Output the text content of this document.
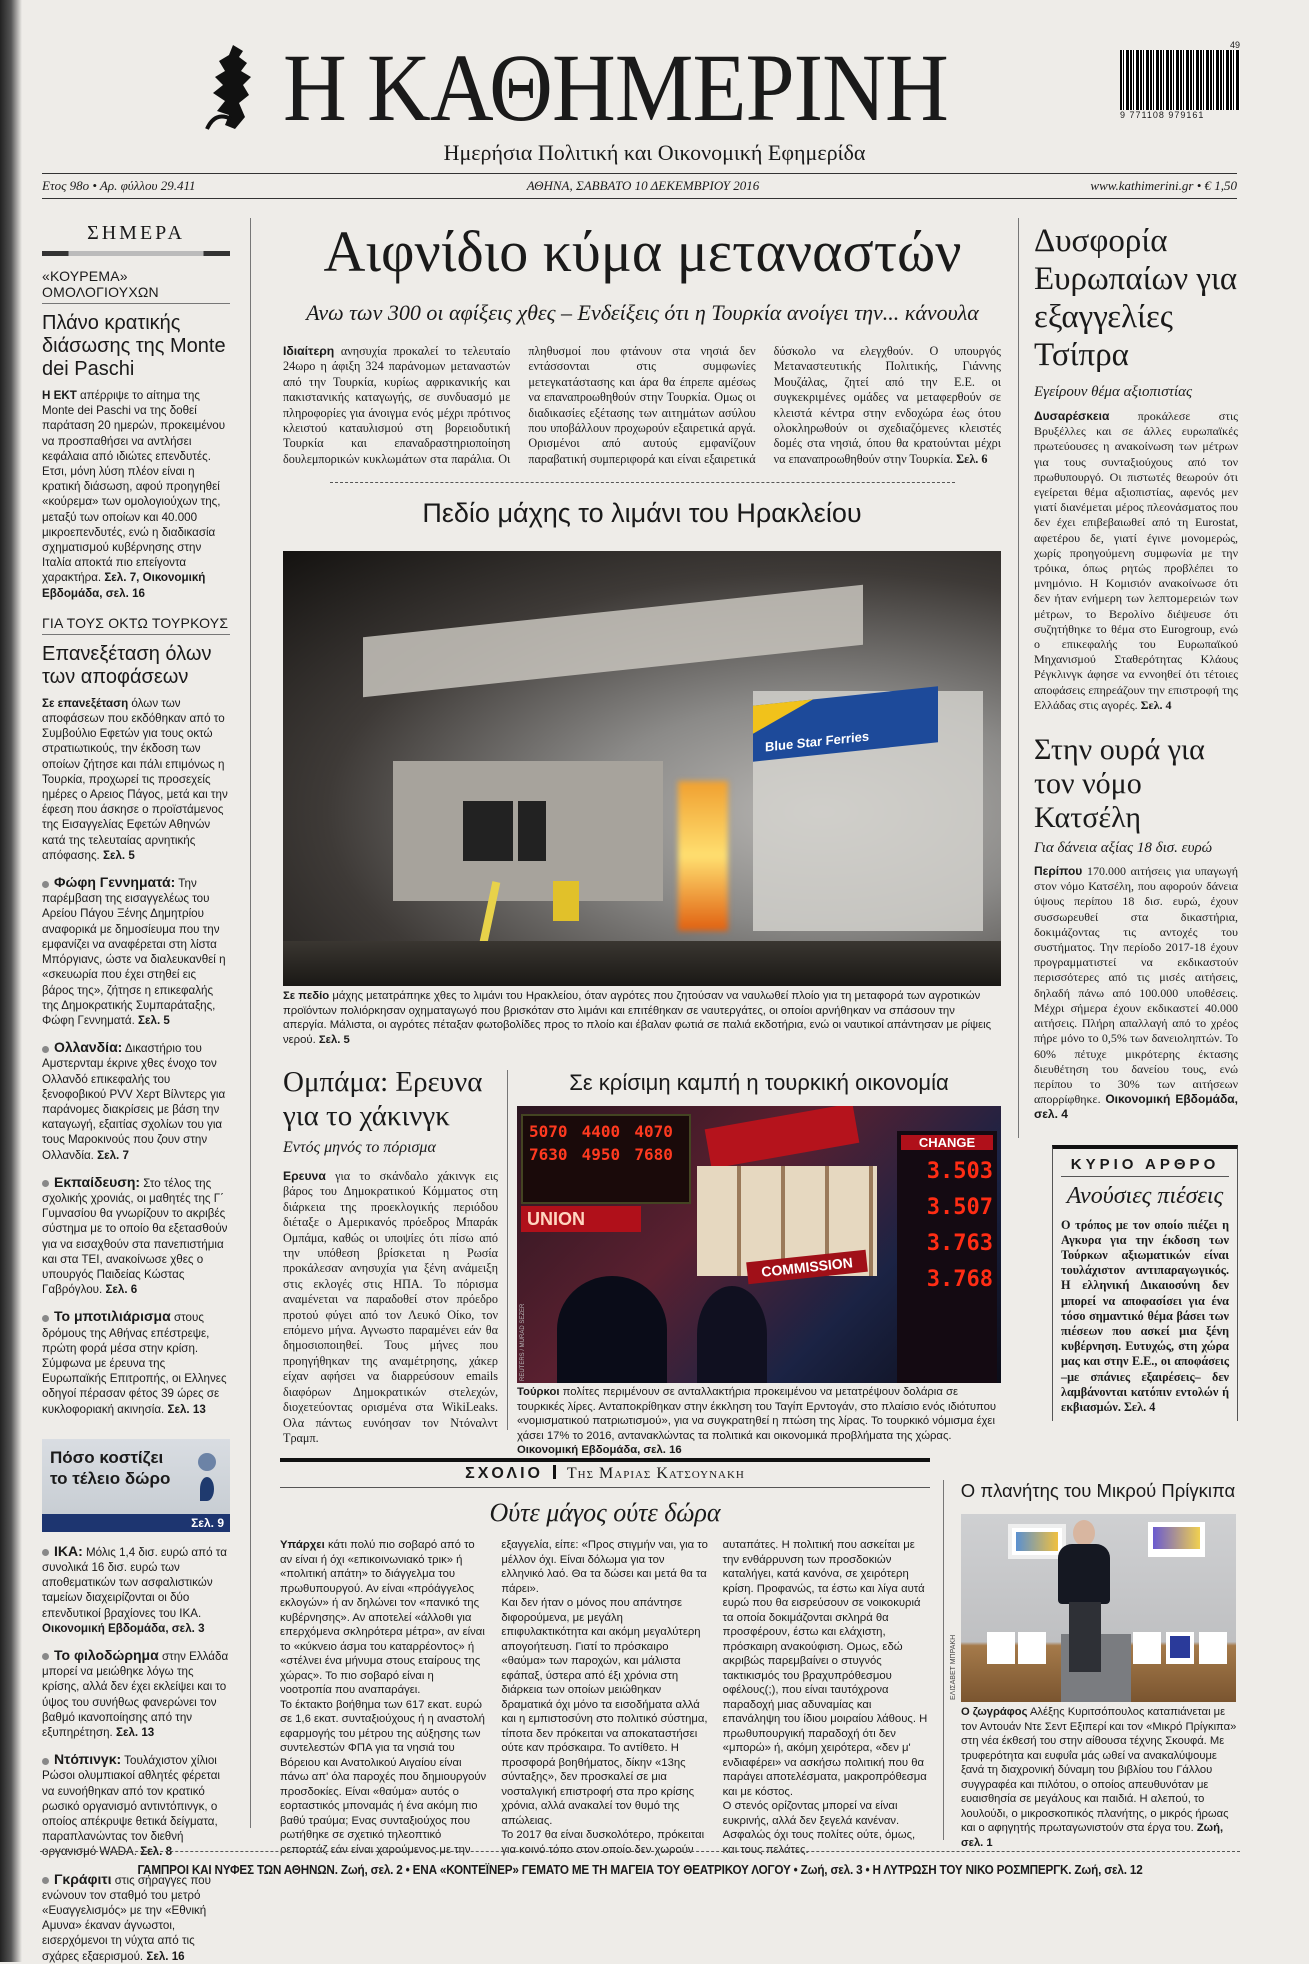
Η ΚΑΘΗΜΕΡΙΝΗ	49
9 771108 979161
Ημερήσια Πολιτική και Οικονομική Εφημερίδα
Ετος 98ο • Αρ. φύλλου 29.411	ΑΘΗΝΑ, ΣΑΒΒΑΤΟ 10 ΔΕΚΕΜΒΡΙΟΥ 2016	www.kathimerini.gr • € 1,50
ΣΗΜΕΡΑ
«ΚΟΥΡΕΜΑ» ΟΜΟΛΟΓΙΟΥΧΩΝ
Πλάνο κρατικής διάσωσης της Monte dei Paschi

Η ΕΚΤ απέρριψε το αίτημα της Monte dei Paschi να της δοθεί παράταση 20 ημερών, προκειμένου να προσπαθήσει να αντλήσει κεφάλαια από ιδιώτες επενδυτές. Ετσι, μόνη λύση πλέον είναι η κρατική διάσωση, αφού προηγηθεί «κούρεμα» των ομολογιούχων της, μεταξύ των οποίων και 40.000 μικροεπενδυτές, ενώ η διαδικασία σχηματισμού κυβέρνησης στην Ιταλία αποκτά πιο επείγοντα χαρακτήρα. Σελ. 7, Οικονομική Εβδομάδα, σελ. 16

ΓΙΑ ΤΟΥΣ ΟΚΤΩ ΤΟΥΡΚΟΥΣ
Επανεξέταση όλων των αποφάσεων

Σε επανεξέταση όλων των αποφάσεων που εκδόθηκαν από το Συμβούλιο Εφετών για τους οκτώ στρατιωτικούς, την έκδοση των οποίων ζήτησε και πάλι επιμόνως η Τουρκία, προχωρεί τις προσεχείς ημέρες ο Αρειος Πάγος, μετά και την έφεση που άσκησε ο προϊστάμενος της Εισαγγελίας Εφετών Αθηνών κατά της τελευταίας αρνητικής απόφασης. Σελ. 5

Φώφη Γεννηματά: Την παρέμβαση της εισαγγελέως του Αρείου Πάγου Ξένης Δημητρίου αναφορικά με δημοσίευμα που την εμφανίζει να αναφέρεται στη λίστα Μπόργιανς, ώστε να διαλευκανθεί η «σκευωρία που έχει στηθεί εις βάρος της», ζήτησε η επικεφαλής της Δημοκρατικής Συμπαράταξης, Φώφη Γεννηματά. Σελ. 5

Ολλανδία: Δικαστήριο του Αμστερνταμ έκρινε χθες ένοχο τον Ολλανδό επικεφαλής του ξενοφοβικού PVV Χερτ Βίλντερς για παράνομες διακρίσεις με βάση την καταγωγή, εξαιτίας σχολίων του για τους Μαροκινούς που ζουν στην Ολλανδία. Σελ. 7

Εκπαίδευση: Στο τέλος της σχολικής χρονιάς, οι μαθητές της Γ΄ Γυμνασίου θα γνωρίζουν το ακριβές σύστημα με το οποίο θα εξετασθούν για να εισαχθούν στα πανεπιστήμια και στα ΤΕΙ, ανακοίνωσε χθες ο υπουργός Παιδείας Κώστας Γαβρόγλου. Σελ. 6

Το μποτιλιάρισμα στους δρόμους της Αθήνας επέστρεψε, πρώτη φορά μέσα στην κρίση. Σύμφωνα με έρευνα της Ευρωπαϊκής Επιτροπής, οι Ελληνες οδηγοί πέρασαν φέτος 39 ώρες σε κυκλοφοριακή ακινησία. Σελ. 13

Πόσο κοστίζει το τέλειο δώρο
Σελ. 9

ΙΚΑ: Μόλις 1,4 δισ. ευρώ από τα συνολικά 16 δισ. ευρώ των αποθεματικών των ασφαλιστικών ταμείων διαχειρίζονται οι δύο επενδυτικοί βραχίονες του ΙΚΑ. Οικονομική Εβδομάδα, σελ. 3

Το φιλοδώρημα στην Ελλάδα μπορεί να μειώθηκε λόγω της κρίσης, αλλά δεν έχει εκλείψει και το ύψος του συνήθως φανερώνει τον βαθμό ικανοποίησης από την εξυπηρέτηση. Σελ. 13

Ντόπινγκ: Τουλάχιστον χίλιοι Ρώσοι ολυμπιακοί αθλητές φέρεται να ευνοήθηκαν από τον κρατικό ρωσικό οργανισμό αντιντόπινγκ, ο οποίος απέκρυψε θετικά δείγματα, παραπλανώντας τον διεθνή οργανισμό WADA. Σελ. 8

Γκράφιτι στις σήραγγες που ενώνουν τον σταθμό του μετρό «Ευαγγελισμός» με την «Εθνική Αμυνα» έκαναν άγνωστοι, εισερχόμενοι τη νύχτα από τις σχάρες εξαερισμού. Σελ. 16

Αιφνίδιο κύμα μεταναστών
Ανω των 300 οι αφίξεις χθες – Ενδείξεις ότι η Τουρκία ανοίγει την... κάνουλα

Ιδιαίτερη ανησυχία προκαλεί το τελευταίο 24ωρο η άφιξη 324 παράνομων μεταναστών από την Τουρκία, κυρίως αφρικανικής και πακιστανικής καταγωγής, σε συνδυασμό με πληροφορίες για άνοιγμα ενός μέχρι πρότινος κλειστού καταυλισμού στη βορειοδυτική Τουρκία και επαναδραστηριοποίηση δουλεμπορικών κυκλωμάτων στα παράλια. Οι πληθυσμοί που φτάνουν στα νησιά δεν εντάσσονται στις συμφωνίες μετεγκατάστασης και άρα θα έπρεπε αμέσως να επαναπροωθηθούν στην Τουρκία. Ομως οι διαδικασίες εξέτασης των αιτημάτων ασύλου που υποβάλλουν προχωρούν εξαιρετικά αργά. Ορισμένοι από αυτούς εμφανίζουν παραβατική συμπεριφορά και είναι εξαιρετικά δύσκολο να ελεγχθούν. Ο υπουργός Μεταναστευτικής Πολιτικής, Γιάννης Μουζάλας, ζητεί από την Ε.Ε. οι συγκεκριμένες ομάδες να μεταφερθούν σε κλειστά κέντρα στην ενδοχώρα έως ότου ολοκληρωθούν οι σχεδιαζόμενες κλειστές δομές στα νησιά, όπου θα κρατούνται μέχρι να επαναπροωθηθούν στην Τουρκία. Σελ. 6

Πεδίο μάχης το λιμάνι του Ηρακλείου
Blue Star Ferries

Σε πεδίο μάχης μετατράπηκε χθες το λιμάνι του Ηρακλείου, όταν αγρότες που ζητούσαν να ναυλωθεί πλοίο για τη μεταφορά των αγροτικών προϊόντων πολιόρκησαν οχηματαγωγό που βρισκόταν στο λιμάνι και επιτέθηκαν σε ναυτεργάτες, οι οποίοι αρνήθηκαν να σπάσουν την απεργία. Μάλιστα, οι αγρότες πέταξαν φωτοβολίδες προς το πλοίο και έβαλαν φωτιά σε παλιά εκδοτήρια, ενώ οι ναυτικοί απάντησαν με ρίψεις νερού. Σελ. 5

Ομπάμα: Ερευνα για το χάκινγκ
Εντός μηνός το πόρισμα

Ερευνα για το σκάνδαλο χάκινγκ εις βάρος του Δημοκρατικού Κόμματος στη διάρκεια της προεκλογικής περιόδου διέταξε ο Αμερικανός πρόεδρος Μπαράκ Ομπάμα, καθώς οι υποψίες ότι πίσω από την υπόθεση βρίσκεται η Ρωσία προκάλεσαν ανησυχία για ξένη ανάμειξη στις εκλογές στις ΗΠΑ. Το πόρισμα αναμένεται να παραδοθεί στον πρόεδρο προτού φύγει από τον Λευκό Οίκο, τον επόμενο μήνα. Αγνωστο παραμένει εάν θα δημοσιοποιηθεί. Τους μήνες που προηγήθηκαν της αναμέτρησης, χάκερ είχαν αφήσει να διαρρεύσουν emails διαφόρων Δημοκρατικών στελεχών, διοχετεύοντας ορισμένα στα WikiLeaks. Ολα πάντως ευνόησαν τον Ντόναλντ Τραμπ.

Σε κρίσιμη καμπή η τουρκική οικονομία
5070 4400 4070
7630 4950 7680
UNION
COMMISSION
CHANGE
3.503
3.507
3.763
3.768
REUTERS / MURAD SEZER

Τούρκοι πολίτες περιμένουν σε ανταλλακτήρια προκειμένου να μετατρέψουν δολάρια σε τουρκικές λίρες. Ανταποκρίθηκαν στην έκκληση του Ταγίπ Ερντογάν, στο πλαίσιο ενός ιδιότυπου «νομισματικού πατριωτισμού», για να συγκρατηθεί η πτώση της λίρας. Το τουρκικό νόμισμα έχει χάσει 17% το 2016, αντανακλώντας τα πολιτικά και οικονομικά προβλήματα της χώρας. Οικονομική Εβδομάδα, σελ. 16

Δυσφορία Ευρωπαίων για εξαγγελίες Τσίπρα
Εγείρουν θέμα αξιοπιστίας

Δυσαρέσκεια προκάλεσε στις Βρυξέλλες και σε άλλες ευρωπαϊκές πρωτεύουσες η ανακοίνωση των μέτρων για τους συνταξιούχους από τον πρωθυπουργό. Οι πιστωτές θεωρούν ότι εγείρεται θέμα αξιοπιστίας, αφενός μεν γιατί διανέμεται μέρος πλεονάσματος που δεν έχει επιβεβαιωθεί από τη Eurostat, αφετέρου δε, γιατί έγινε μονομερώς, χωρίς προηγούμενη συμφωνία με την τρόικα, όπως ρητώς προβλέπει το μνημόνιο. Η Κομισιόν ανακοίνωσε ότι δεν ήταν ενήμερη των λεπτομερειών των μέτρων, το Βερολίνο διέψευσε ότι συζητήθηκε το θέμα στο Eurogroup, ενώ ο επικεφαλής του Ευρωπαϊκού Μηχανισμού Σταθερότητας Κλάους Ρέγκλινγκ άφησε να εννοηθεί ότι τέτοιες αποφάσεις επηρεάζουν την επιστροφή της Ελλάδας στις αγορές. Σελ. 4

Στην ουρά για τον νόμο Κατσέλη
Για δάνεια αξίας 18 δισ. ευρώ

Περίπου 170.000 αιτήσεις για υπαγωγή στον νόμο Κατσέλη, που αφορούν δάνεια ύψους περίπου 18 δισ. ευρώ, έχουν συσσωρευθεί στα δικαστήρια, δοκιμάζοντας τις αντοχές του συστήματος. Την περίοδο 2017-18 έχουν προγραμματιστεί να εκδικαστούν περισσότερες από τις μισές αιτήσεις, δηλαδή πάνω από 100.000 υποθέσεις. Μέχρι σήμερα έχουν εκδικαστεί 40.000 αιτήσεις. Πλήρη απαλλαγή από το χρέος πήρε μόνο το 0,5% των δανειοληπτών. Το 60% πέτυχε μικρότερης έκτασης διευθέτηση του δανείου τους, ενώ περίπου το 30% των αιτήσεων απορρίφθηκε. Οικονομική Εβδομάδα, σελ. 4

ΚΥΡΙΟ ΑΡΘΡΟ
Ανούσιες πιέσεις

Ο τρόπος με τον οποίο πιέζει η Αγκυρα για την έκδοση των Τούρκων αξιωματικών είναι τουλάχιστον αντιπαραγωγικός. Η ελληνική Δικαιοσύνη δεν μπορεί να αποφασίσει για ένα τόσο σημαντικό θέμα βάσει των πιέσεων που ασκεί μια ξένη κυβέρνηση. Ευτυχώς, στη χώρα μας και στην Ε.Ε., οι αποφάσεις –με σπάνιες εξαιρέσεις– δεν λαμβάνονται κατόπιν εντολών ή εκβιασμών. Σελ. 4

ΣΧΟΛΙΟ Της Μαριας Κατσουνακη
Ούτε μάγος ούτε δώρα

Υπάρχει κάτι πολύ πιο σοβαρό από το αν είναι ή όχι «επικοινωνιακό τρικ» ή «πολιτική απάτη» το διάγγελμα του πρωθυπουργού. Αν είναι «πρόάγγελος εκλογών» ή αν δηλώνει τον «πανικό της κυβέρνησης». Αν αποτελεί «άλλοθι για επερχόμενα σκληρότερα μέτρα», αν είναι το «κύκνειο άσμα του καταρρέοντος» ή «στέλνει ένα μήνυμα στους εταίρους της χώρας». Το πιο σοβαρό είναι η νοοτροπία που αναπαράγει.

Το έκτακτο βοήθημα των 617 εκατ. ευρώ σε 1,6 εκατ. συνταξιούχους ή η αναστολή εφαρμογής του μέτρου της αύξησης των συντελεστών ΦΠΑ για τα νησιά του Βόρειου και Ανατολικού Αιγαίου είναι πάνω απ' όλα παροχές που δημιουργούν προσδοκίες. Είναι «θαύμα» αυτός ο εορταστικός μποναμάς ή ένα ακόμη πιο βαθύ τραύμα; Ενας συνταξιούχος που ρωτήθηκε σε σχετικό τηλεοπτικό ρεπορτάζ εάν είναι χαρούμενος με την εξαγγελία, είπε: «Προς στιγμήν ναι, για το μέλλον όχι. Είναι δόλωμα για τον ελληνικό λαό. Θα τα δώσει και μετά θα τα πάρει».

Και δεν ήταν ο μόνος που απάντησε διφορούμενα, με μεγάλη επιφυλακτικότητα και ακόμη μεγαλύτερη απογοήτευση. Γιατί το πρόσκαιρο «θαύμα» των παροχών, και μάλιστα εφάπαξ, ύστερα από έξι χρόνια στη διάρκεια των οποίων μειώθηκαν δραματικά όχι μόνο τα εισοδήματα αλλά και η εμπιστοσύνη στο πολιτικό σύστημα, τίποτα δεν πρόκειται να αποκαταστήσει ούτε καν πρόσκαιρα. Το αντίθετο. Η προσφορά βοηθήματος, δίκην «13ης σύνταξης», δεν προσκαλεί σε μια νοσταλγική επιστροφή στα προ κρίσης χρόνια, αλλά ανακαλεί τον θυμό της απώλειας.

Το 2017 θα είναι δυσκολότερο, πρόκειται για κοινό τόπο στον οποίο δεν χωρούν αυταπάτες. Η πολιτική που ασκείται με την ενθάρρυνση των προσδοκιών καταλήγει, κατά κανόνα, σε χειρότερη κρίση. Προφανώς, τα έστω και λίγα αυτά ευρώ που θα εισρεύσουν σε νοικοκυριά τα οποία δοκιμάζονται σκληρά θα προσφέρουν, έστω και ελάχιστη, πρόσκαιρη ανακούφιση. Ομως, εδώ ακριβώς παρεμβαίνει ο στυγνός τακτικισμός του βραχυπρόθεσμου οφέλους(;), που είναι ταυτόχρονα παραδοχή μιας αδυναμίας και επανάληψη του ίδιου μοιραίου λάθους. Η πρωθυπουργική παραδοχή ότι δεν «μπορώ» ή, ακόμη χειρότερα, «δεν μ' ενδιαφέρει» να ασκήσω πολιτική που θα παράγει αποτελέσματα, μακροπρόθεσμα και με κόστος.

Ο στενός ορίζοντας μπορεί να είναι ευκρινής, αλλά δεν ξεγελά κανέναν. Ασφαλώς όχι τους πολίτες ούτε, όμως, και τους πελάτες.

Ο πλανήτης του Μικρού Πρίγκιπα
ΕΛΙΣΑΒΕΤ ΜΠΡΑΚΗ

Ο ζωγράφος Αλέξης Κυριτσόπουλος καταπιάνεται με τον Αντουάν Ντε Σεντ Εξιπερί και τον «Μικρό Πρίγκιπα» στη νέα έκθεσή του στην αίθουσα τέχνης Σκουφά. Με τρυφερότητα και ευφυΐα μάς ωθεί να ανακαλύψουμε ξανά τη διαχρονική δύναμη του βιβλίου του Γάλλου συγγραφέα και πιλότου, ο οποίος απευθυνόταν με ευαισθησία σε μεγάλους και παιδιά. Η αλεπού, το λουλούδι, ο μικροσκοπικός πλανήτης, ο μικρός ήρωας και ο αφηγητής πρωταγωνιστούν στα έργα του. Ζωή, σελ. 1

ΓΑΜΠΡΟΙ ΚΑΙ ΝΥΦΕΣ ΤΩΝ ΑΘΗΝΩΝ. Ζωή, σελ. 2 • ΕΝΑ «ΚΟΝΤΕΪΝΕΡ» ΓΕΜΑΤΟ ΜΕ ΤΗ ΜΑΓΕΙΑ ΤΟΥ ΘΕΑΤΡΙΚΟΥ ΛΟΓΟΥ • Ζωή, σελ. 3 • Η ΛΥΤΡΩΣΗ ΤΟΥ ΝΙΚΟ ΡΟΣΜΠΕΡΓΚ. Ζωή, σελ. 12
